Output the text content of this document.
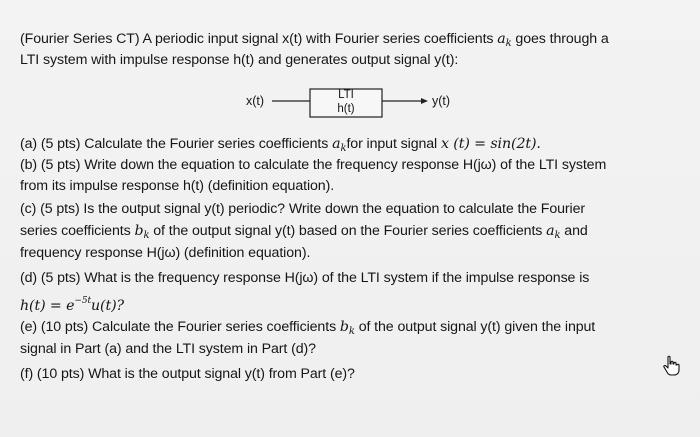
(Fourier Series CT) A periodic input signal x(t) with Fourier series coefficients $a_k$ goes through a
LTI system with impulse response h(t) and generates output signal y(t):
x(t)	LTI
h(t)
y(t)
(a) (5 pts) Calculate the Fourier series coefficients $a_kfor$ input signal x (t) = sin(2t).
(b) (5 pts) Write down the equation to calculate the frequency response H(jω) of the LTI system
from its impulse response h(t) (definition equation).
(c) (5 pts) Is the output signal y(t) periodic? Write down the equation to calculate the Fourier
series coefficients $b_k$ of the output signal y(t) based on the Fourier series coefficients $a_k$ and
frequency response H(jω) (definition equation).
(d) (5 pts) What is the frequency response H(jω) of the LTI system if the impulse response is
$h(t) = e^{-5t}u(t)$?
(e) (10 pts) Calculate the Fourier series coefficients $b_k$ of the output signal y(t) given the input
signal in Part (a) and the LTI system in Part (d)?
(f) (10 pts) What is the output signal y(t) from Part (e)?
